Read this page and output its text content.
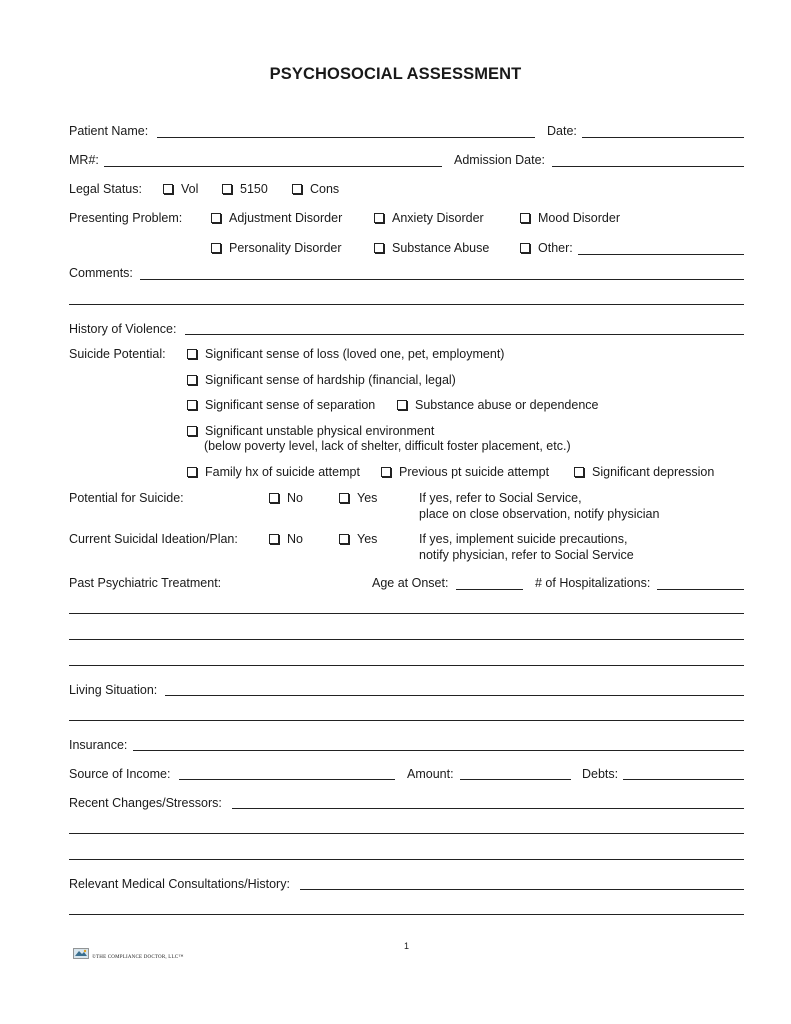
PSYCHOSOCIAL ASSESSMENT
Patient Name:	Date:
MR#:	Admission Date:
Legal Status:	Vol	5150	Cons
Presenting Problem:	Adjustment Disorder	Anxiety Disorder	Mood Disorder
Personality Disorder	Substance Abuse	Other:
Comments:
History of Violence:
Suicide Potential:	Significant sense of loss (loved one, pet, employment)
Significant sense of hardship (financial, legal)
Significant sense of separation	Substance abuse or dependence
Significant unstable physical environment
(below poverty level, lack of shelter, difficult foster placement, etc.)
Family hx of suicide attempt	Previous pt suicide attempt	Significant depression
Potential for Suicide:	No	Yes	If yes, refer to Social Service,
place on close observation, notify physician
Current Suicidal Ideation/Plan:	No	Yes	If yes, implement suicide precautions,
notify physician, refer to Social Service
Past Psychiatric Treatment:	Age at Onset:	# of Hospitalizations:
Living Situation:
Insurance:
Source of Income:	Amount:	Debts:
Recent Changes/Stressors:
Relevant Medical Consultations/History:
1
©THE COMPLIANCE DOCTOR, LLC™
